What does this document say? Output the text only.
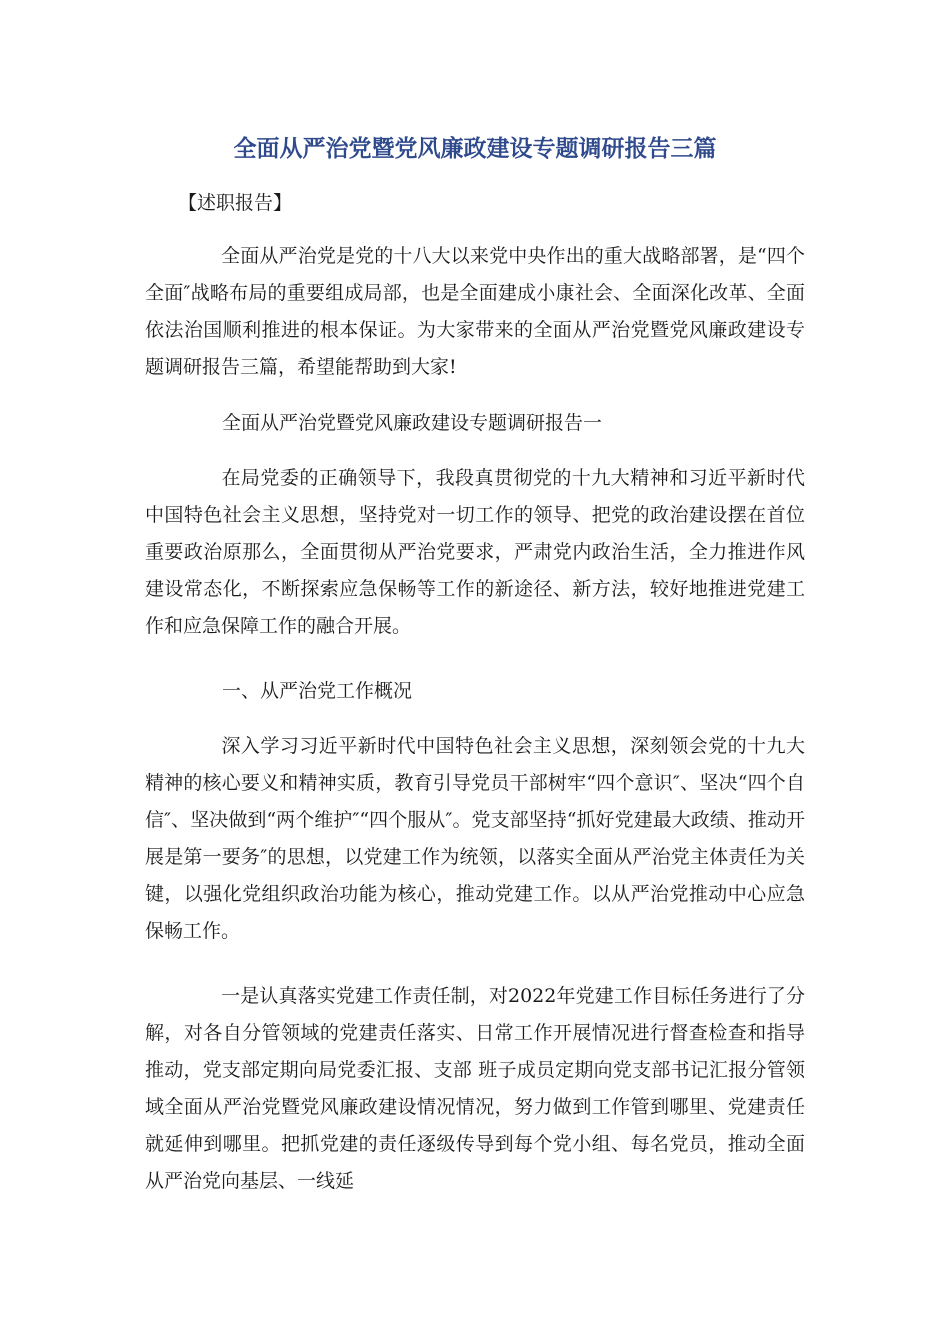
全面从严治党暨党风廉政建设专题调研报告三篇

【述职报告】

全面从严治党是党的十八大以来党中央作出的重大战略部署，是“四个全面″战略布局的重要组成局部，也是全面建成小康社会、全面深化改革、全面依法治国顺利推进的根本保证。为大家带来的全面从严治党暨党风廉政建设专题调研报告三篇，希望能帮助到大家!

全面从严治党暨党风廉政建设专题调研报告一

在局党委的正确领导下，我段真贯彻党的十九大精神和习近平新时代中国特色社会主义思想，坚持党对一切工作的领导、把党的政治建设摆在首位重要政治原那么，全面贯彻从严治党要求，严肃党内政治生活，全力推进作风建设常态化，不断探索应急保畅等工作的新途径、新方法，较好地推进党建工作和应急保障工作的融合开展。

一、从严治党工作概况

深入学习习近平新时代中国特色社会主义思想，深刻领会党的十九大精神的核心要义和精神实质，教育引导党员干部树牢“四个意识″、坚决“四个自信″、坚决做到“两个维护″“四个服从″。党支部坚持“抓好党建最大政绩、推动开展是第一要务″的思想，以党建工作为统领，以落实全面从严治党主体责任为关键，以强化党组织政治功能为核心，推动党建工作。以从严治党推动中心应急保畅工作。

一是认真落实党建工作责任制，对2022年党建工作目标任务进行了分解，对各自分管领域的党建责任落实、日常工作开展情况进行督查检查和指导推动，党支部定期向局党委汇报、支部 班子成员定期向党支部书记汇报分管领域全面从严治党暨党风廉政建设情况情况，努力做到工作管到哪里、党建责任就延伸到哪里。把抓党建的责任逐级传导到每个党小组、每名党员，推动全面从严治党向基层、一线延
